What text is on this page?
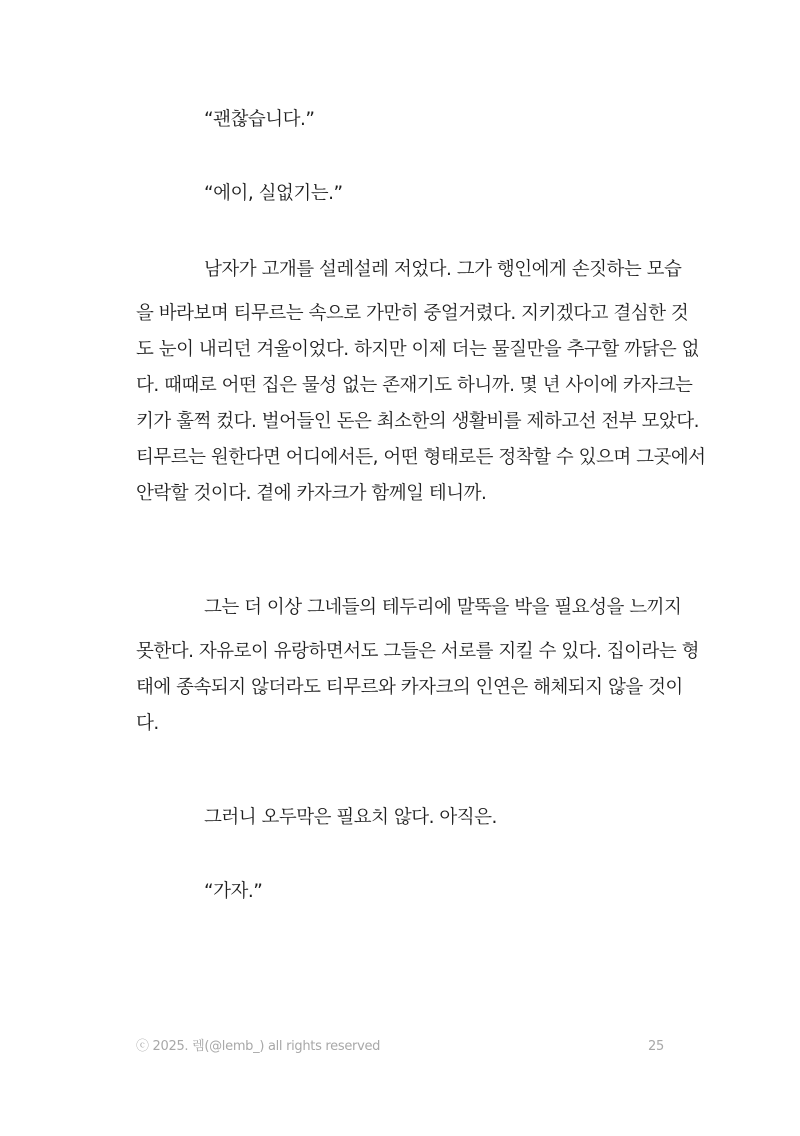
“괜찮습니다.”
“에이, 실없기는.”
남자가 고개를 설레설레 저었다. 그가 행인에게 손짓하는 모습
을 바라보며 티무르는 속으로 가만히 중얼거렸다. 지키겠다고 결심한 것
도 눈이 내리던 겨울이었다. 하지만 이제 더는 물질만을 추구할 까닭은 없
다. 때때로 어떤 집은 물성 없는 존재기도 하니까. 몇 년 사이에 카자크는
키가 훌쩍 컸다. 벌어들인 돈은 최소한의 생활비를 제하고선 전부 모았다.
티무르는 원한다면 어디에서든, 어떤 형태로든 정착할 수 있으며 그곳에서
안락할 것이다. 곁에 카자크가 함께일 테니까.
그는 더 이상 그네들의 테두리에 말뚝을 박을 필요성을 느끼지
못한다. 자유로이 유랑하면서도 그들은 서로를 지킬 수 있다. 집이라는 형
태에 종속되지 않더라도 티무르와 카자크의 인연은 해체되지 않을 것이
다.
그러니 오두막은 필요치 않다. 아직은.
“가자.”
ⓒ 2025. 렘(@lemb_) all rights reserved	25
